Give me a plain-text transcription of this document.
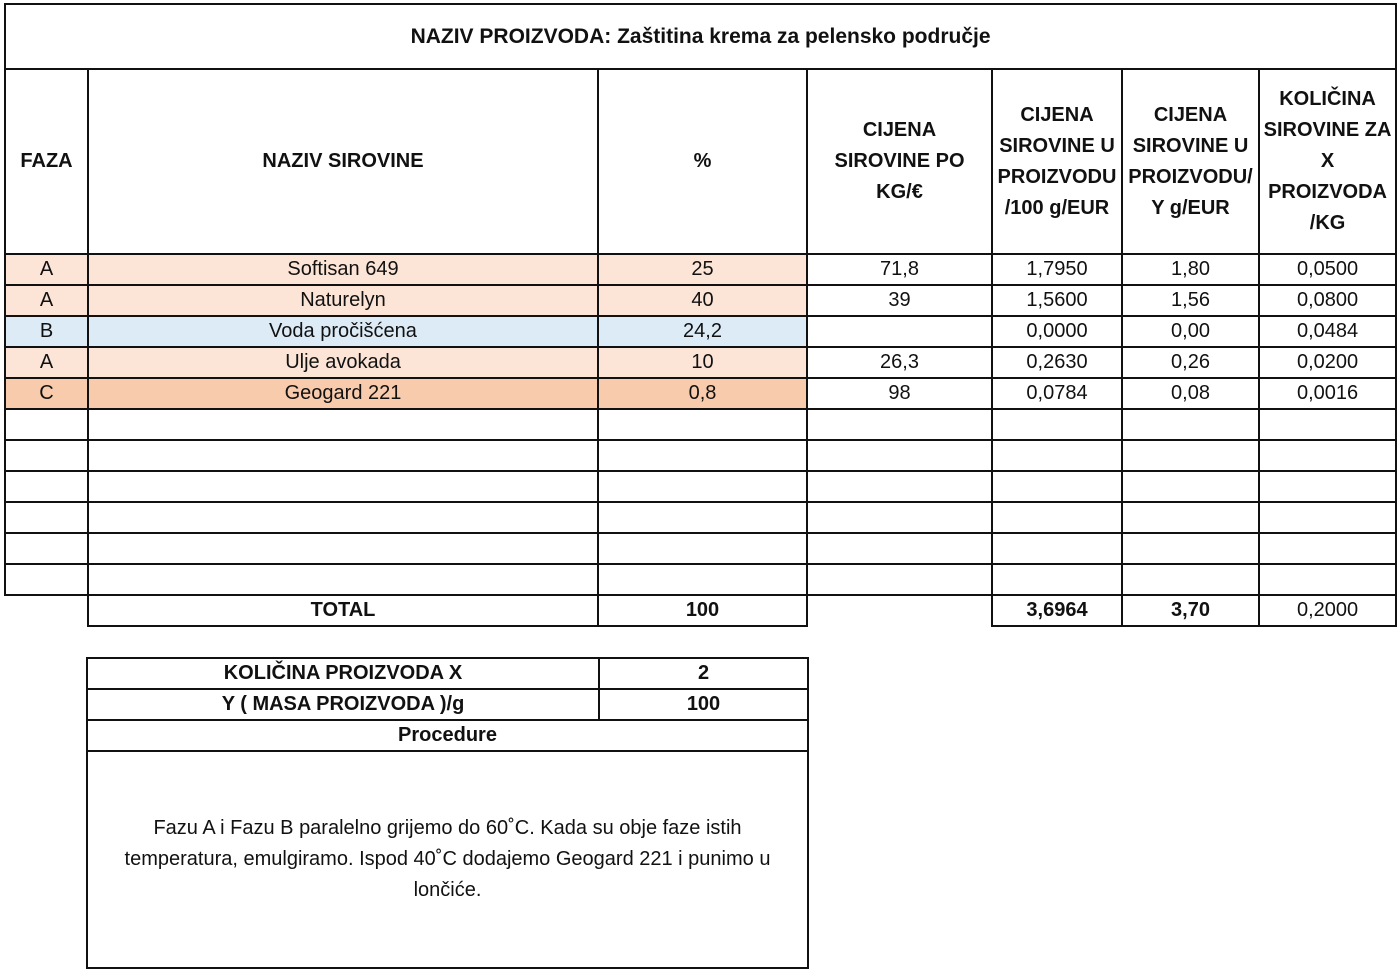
NAZIV PROIZVODA: Zaštitina krema za pelensko područje						
FAZA	NAZIV SIROVINE	%	CIJENA SIROVINE PO KG/€	CIJENA SIROVINE U PROIZVODU /100 g/EUR	CIJENA SIROVINE U PROIZVODU/ Y g/EUR	KOLIČINA SIROVINE ZA X PROIZVODA /KG
A	Softisan 649	25	71,8	1,7950	1,80	0,0500
A	Naturelyn	40	39	1,5600	1,56	0,0800
B	Voda pročišćena	24,2		0,0000	0,00	0,0484
A	Ulje avokada	10	26,3	0,2630	0,26	0,0200
C	Geogard 221	0,8	98	0,0784	0,08	0,0016

	TOTAL	100		3,6964	3,70	0,2000
KOLIČINA PROIZVODA X	2
Y ( MASA PROIZVODA )/g	100
Procedure	
Fazu A i Fazu B paralelno grijemo do 60˚C. Kada su obje faze istih temperatura, emulgiramo. Ispod 40˚C dodajemo Geogard 221 i punimo u lončiće.	
